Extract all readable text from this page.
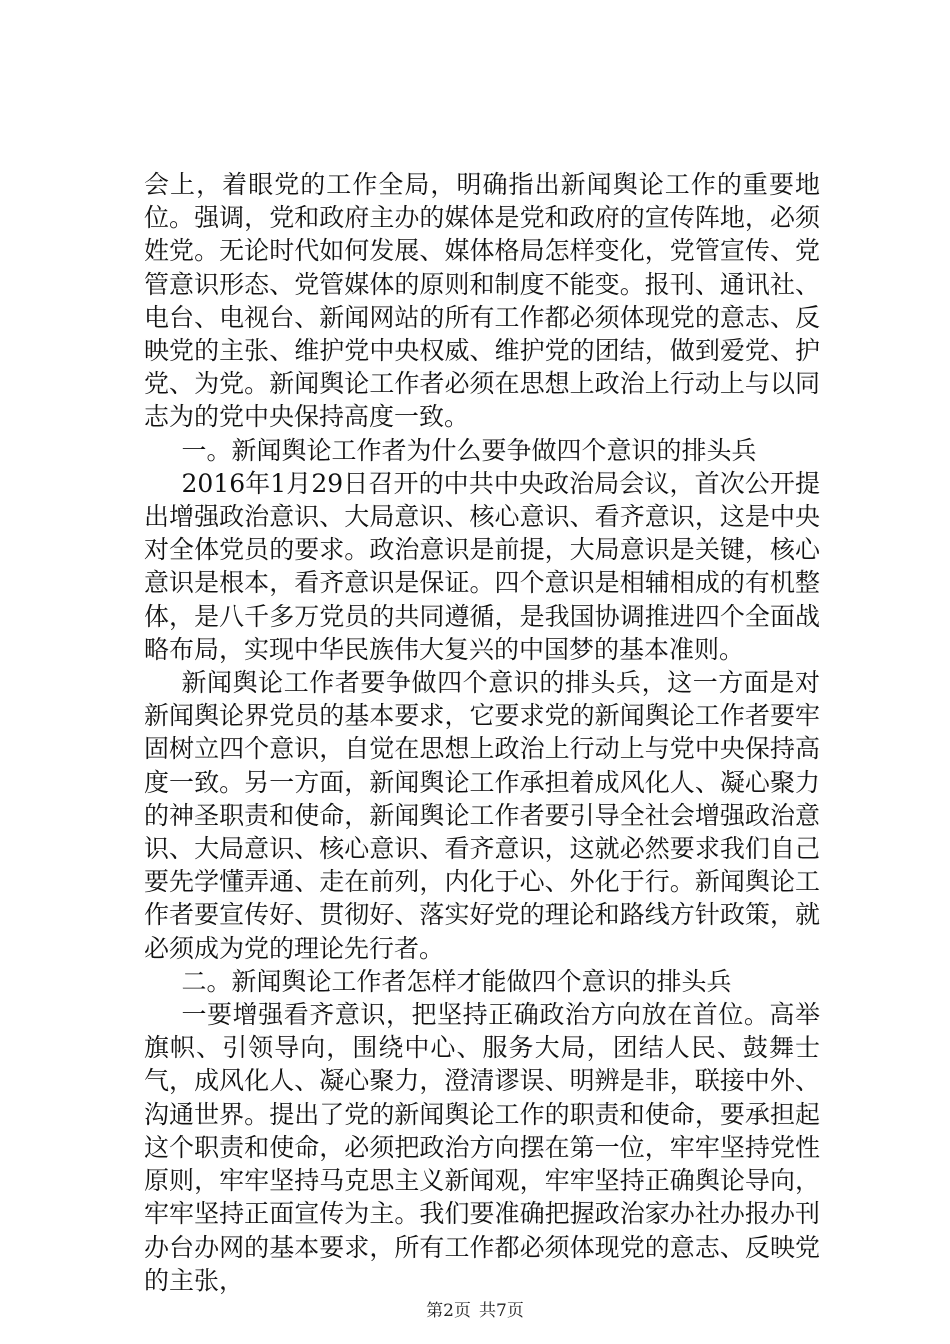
会上，着眼党的工作全局，明确指出新闻舆论工作的重要地位。强调，党和政府主办的媒体是党和政府的宣传阵地，必须姓党。无论时代如何发展、媒体格局怎样变化，党管宣传、党管意识形态、党管媒体的原则和制度不能变。报刊、通讯社、电台、电视台、新闻网站的所有工作都必须体现党的意志、反映党的主张、维护党中央权威、维护党的团结，做到爱党、护党、为党。新闻舆论工作者必须在思想上政治上行动上与以同志为的党中央保持高度一致。

一。新闻舆论工作者为什么要争做四个意识的排头兵

2016年1月29日召开的中共中央政治局会议，首次公开提出增强政治意识、大局意识、核心意识、看齐意识，这是中央对全体党员的要求。政治意识是前提，大局意识是关键，核心意识是根本，看齐意识是保证。四个意识是相辅相成的有机整体，是八千多万党员的共同遵循，是我国协调推进四个全面战略布局，实现中华民族伟大复兴的中国梦的基本准则。

新闻舆论工作者要争做四个意识的排头兵，这一方面是对新闻舆论界党员的基本要求，它要求党的新闻舆论工作者要牢固树立四个意识，自觉在思想上政治上行动上与党中央保持高度一致。另一方面，新闻舆论工作承担着成风化人、凝心聚力的神圣职责和使命，新闻舆论工作者要引导全社会增强政治意识、大局意识、核心意识、看齐意识，这就必然要求我们自己要先学懂弄通、走在前列，内化于心、外化于行。新闻舆论工作者要宣传好、贯彻好、落实好党的理论和路线方针政策，就必须成为党的理论先行者。

二。新闻舆论工作者怎样才能做四个意识的排头兵

一要增强看齐意识，把坚持正确政治方向放在首位。高举旗帜、引领导向，围绕中心、服务大局，团结人民、鼓舞士气，成风化人、凝心聚力，澄清谬误、明辨是非，联接中外、沟通世界。提出了党的新闻舆论工作的职责和使命，要承担起这个职责和使命，必须把政治方向摆在第一位，牢牢坚持党性原则，牢牢坚持马克思主义新闻观，牢牢坚持正确舆论导向，牢牢坚持正面宣传为主。我们要准确把握政治家办社办报办刊办台办网的基本要求，所有工作都必须体现党的意志、反映党的主张，

第2页 共7页
